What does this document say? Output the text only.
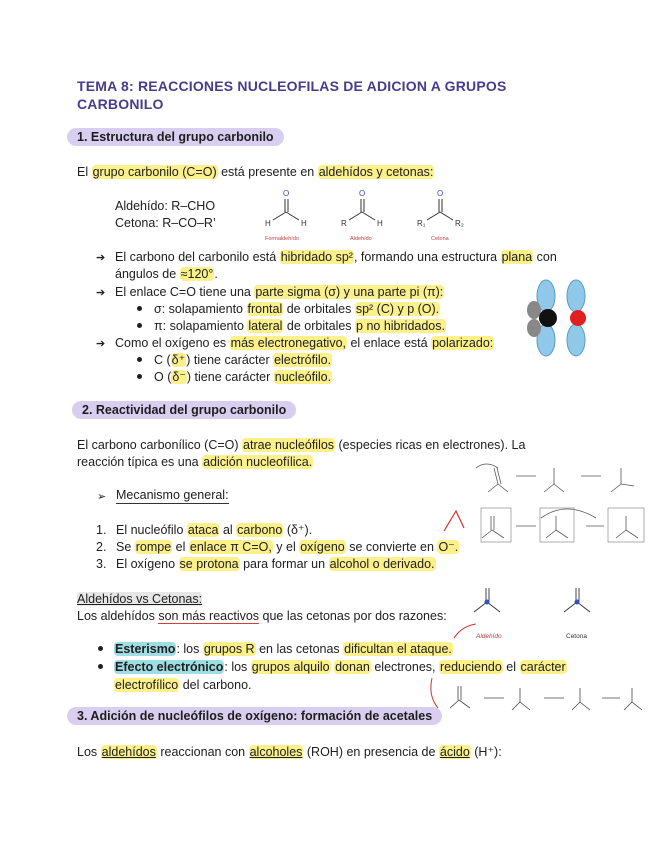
TEMA 8: REACCIONES NUCLEOFILAS DE ADICION A GRUPOS CARBONILO
1. Estructura del grupo carbonilo
El grupo carbonilo (C=O) está presente en aldehídos y cetonas:
Aldehído: R–CHO
Cetona: R–CO–R’
O
H	H
O
R	H
O
R₁	R₂
Formaldehído	Aldehído	Cetona
➔ El carbono del carbonilo está hibridado sp², formando una estructura plana con
ángulos de ≈120°.
➔ El enlace C=O tiene una parte sigma (σ) y una parte pi (π):
σ: solapamiento frontal de orbitales sp² (C) y p (O).
π: solapamiento lateral de orbitales p no hibridados.
➔ Como el oxígeno es más electronegativo, el enlace está polarizado:
C (δ⁺) tiene carácter electrófilo.
O (δ⁻) tiene carácter nucleófilo.
2. Reactividad del grupo carbonilo
El carbono carbonílico (C=O) atrae nucleófilos (especies ricas en electrones). La
reacción típica es una adición nucleofílica.
➢ Mecanismo general:
1. El nucleófilo ataca al carbono (δ⁺).
2. Se rompe el enlace π C=O, y el oxígeno se convierte en O⁻.
3. El oxígeno se protona para formar un alcohol o derivado.
Aldehídos vs Cetonas:
Los aldehídos son más reactivos que las cetonas por dos razones:
Aldehído	Cetona
Esterismo: los grupos R en las cetonas dificultan el ataque.
Efecto electrónico: los grupos alquilo donan electrones, reduciendo el carácter
electrofílico del carbono.
3. Adición de nucleófilos de oxígeno: formación de acetales
Los aldehídos reaccionan con alcoholes (ROH) en presencia de ácido (H⁺):
